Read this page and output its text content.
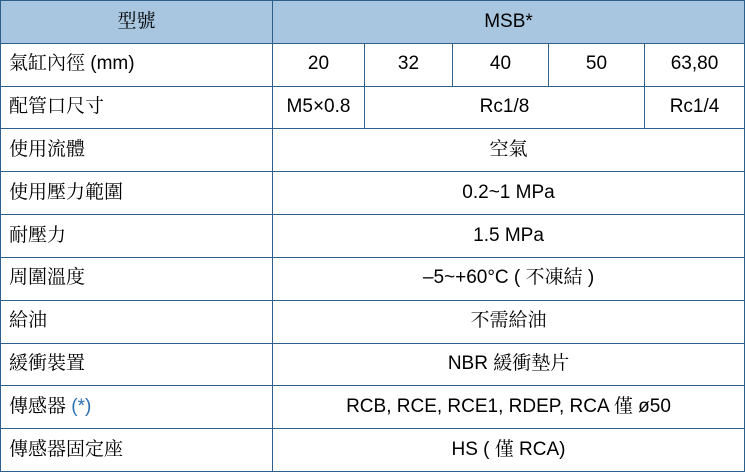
型號	MSB*				
氣缸內徑 (mm)	20	32	40	50	63,80
配管口尺寸	M5×0.8	Rc1/8			Rc1/4
使用流體	空氣				
使用壓力範圍	0.2~1 MPa				
耐壓力	1.5 MPa				
周圍溫度	–5~+60°C ( 不凍結 )				
給油	不需給油				
緩衝裝置	NBR 緩衝墊片				
傳感器 (*)	RCB, RCE, RCE1, RDEP, RCA 僅 ø50				
傳感器固定座	HS ( 僅 RCA)				
